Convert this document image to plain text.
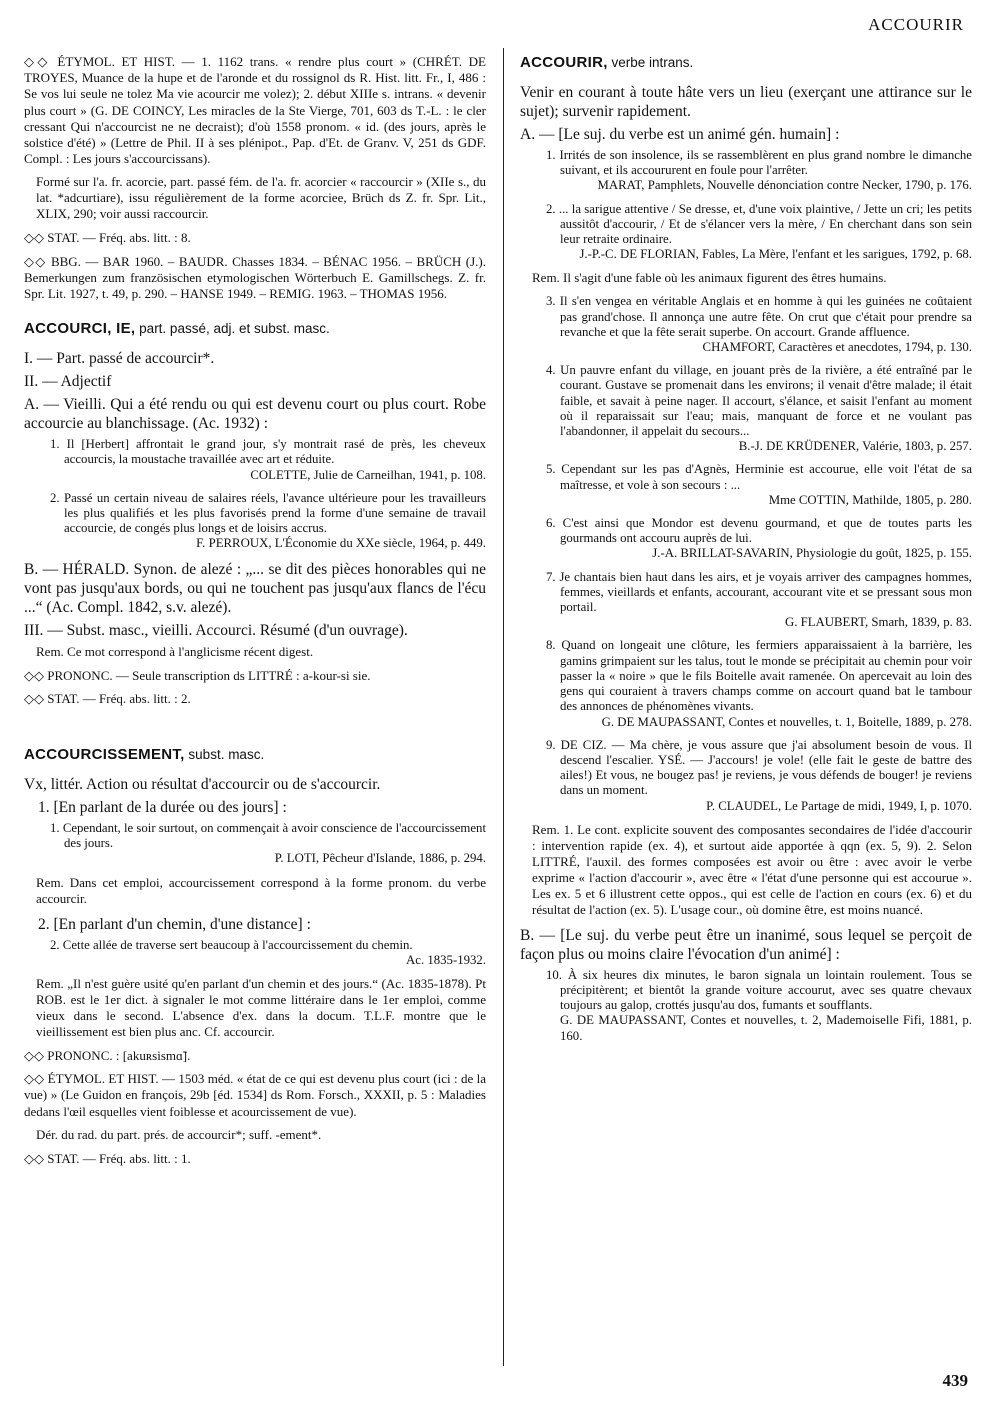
ACCOURIR

◇◇ ÉTYMOL. ET HIST. — 1. 1162 trans. « rendre plus court » (CHRÉT. DE TROYES, Muance de la hupe et de l'aronde et du rossignol ds R. Hist. litt. Fr., I, 486 : Se vos lui seule ne tolez Ma vie acourcir me volez); 2. début XIIIe s. intrans. « devenir plus court » (G. DE COINCY, Les miracles de la Ste Vierge, 701, 603 ds T.-L. : le cler cressant Qui n'accourcist ne ne decraist); d'où 1558 pronom. « id. (des jours, après le solstice d'été) » (Lettre de Phil. II à ses plénipot., Pap. d'Et. de Granv. V, 251 ds GDF. Compl. : Les jours s'accourcissans).

Formé sur l'a. fr. acorcie, part. passé fém. de l'a. fr. acorcier « raccourcir » (XIIe s., du lat. *adcurtiare), issu régulièrement de la forme acorciee, Brüch ds Z. fr. Spr. Lit., XLIX, 290; voir aussi raccourcir.

◇◇ STAT. — Fréq. abs. litt. : 8.

◇◇ BBG. — BAR 1960. – BAUDR. Chasses 1834. – BÉNAC 1956. – BRÜCH (J.). Bemerkungen zum französischen etymologischen Wörterbuch E. Gamillschegs. Z. fr. Spr. Lit. 1927, t. 49, p. 290. – HANSE 1949. – REMIG. 1963. – THOMAS 1956.

ACCOURCI, IE, part. passé, adj. et subst. masc.

I. — Part. passé de accourcir*.

II. — Adjectif

A. — Vieilli. Qui a été rendu ou qui est devenu court ou plus court. Robe accourcie au blanchissage. (Ac. 1932) :

1. Il [Herbert] affrontait le grand jour, s'y montrait rasé de près, les cheveux accourcis, la moustache travaillée avec art et réduite.
COLETTE, Julie de Carneilhan, 1941, p. 108.

2. Passé un certain niveau de salaires réels, l'avance ultérieure pour les travailleurs les plus qualifiés et les plus favorisés prend la forme d'une semaine de travail accourcie, de congés plus longs et de loisirs accrus.
F. PERROUX, L'Économie du XXe siècle, 1964, p. 449.

B. — HÉRALD. Synon. de alezé : „... se dit des pièces honorables qui ne vont pas jusqu'aux bords, ou qui ne touchent pas jusqu'aux flancs de l'écu ...“ (Ac. Compl. 1842, s.v. alezé).

III. — Subst. masc., vieilli. Accourci. Résumé (d'un ouvrage).

Rem. Ce mot correspond à l'anglicisme récent digest.

◇◇ PRONONC. — Seule transcription ds LITTRÉ : a-kour-si sie.

◇◇ STAT. — Fréq. abs. litt. : 2.

ACCOURCISSEMENT, subst. masc.

Vx, littér. Action ou résultat d'accourcir ou de s'accourcir.

1. [En parlant de la durée ou des jours] :

1. Cependant, le soir surtout, on commençait à avoir conscience de l'accourcissement des jours.
P. LOTI, Pêcheur d'Islande, 1886, p. 294.

Rem. Dans cet emploi, accourcissement correspond à la forme pronom. du verbe accourcir.

2. [En parlant d'un chemin, d'une distance] :

2. Cette allée de traverse sert beaucoup à l'accourcissement du chemin.
Ac. 1835-1932.

Rem. „Il n'est guère usité qu'en parlant d'un chemin et des jours.“ (Ac. 1835-1878). Pt ROB. est le 1er dict. à signaler le mot comme littéraire dans le 1er emploi, comme vieux dans le second. L'absence d'ex. dans la docum. T.L.F. montre que le vieillissement est bien plus anc. Cf. accourcir.

◇◇ PRONONC. : [akuʀsismɑ̃].

◇◇ ÉTYMOL. ET HIST. — 1503 méd. « état de ce qui est devenu plus court (ici : de la vue) » (Le Guidon en françois, 29b [éd. 1534] ds Rom. Forsch., XXXII, p. 5 : Maladies dedans l'œil esquelles vient foiblesse et acourcissement de vue).

Dér. du rad. du part. prés. de accourcir*; suff. -ement*.

◇◇ STAT. — Fréq. abs. litt. : 1.

ACCOURIR, verbe intrans.

Venir en courant à toute hâte vers un lieu (exerçant une attirance sur le sujet); survenir rapidement.

A. — [Le suj. du verbe est un animé gén. humain] :

1. Irrités de son insolence, ils se rassemblèrent en plus grand nombre le dimanche suivant, et ils accoururent en foule pour l'arrêter.
MARAT, Pamphlets, Nouvelle dénonciation contre Necker, 1790, p. 176.

2. ... la sarigue attentive / Se dresse, et, d'une voix plaintive, / Jette un cri; les petits aussitôt d'accourir, / Et de s'élancer vers la mère, / En cherchant dans son sein leur retraite ordinaire.
J.-P.-C. DE FLORIAN, Fables, La Mère, l'enfant et les sarigues, 1792, p. 68.

Rem. Il s'agit d'une fable où les animaux figurent des êtres humains.

3. Il s'en vengea en véritable Anglais et en homme à qui les guinées ne coûtaient pas grand'chose. Il annonça une autre fête. On crut que c'était pour prendre sa revanche et que la fête serait superbe. On accourt. Grande affluence.
CHAMFORT, Caractères et anecdotes, 1794, p. 130.

4. Un pauvre enfant du village, en jouant près de la rivière, a été entraîné par le courant. Gustave se promenait dans les environs; il venait d'être malade; il était faible, et savait à peine nager. Il accourt, s'élance, et saisit l'enfant au moment où il reparaissait sur l'eau; mais, manquant de force et ne voulant pas l'abandonner, il appelait du secours...
B.-J. DE KRÜDENER, Valérie, 1803, p. 257.

5. Cependant sur les pas d'Agnès, Herminie est accourue, elle voit l'état de sa maîtresse, et vole à son secours : ...
Mme COTTIN, Mathilde, 1805, p. 280.

6. C'est ainsi que Mondor est devenu gourmand, et que de toutes parts les gourmands ont accouru auprès de lui.
J.-A. BRILLAT-SAVARIN, Physiologie du goût, 1825, p. 155.

7. Je chantais bien haut dans les airs, et je voyais arriver des campagnes hommes, femmes, vieillards et enfants, accourant, accourant vite et se pressant sous mon portail.
G. FLAUBERT, Smarh, 1839, p. 83.

8. Quand on longeait une clôture, les fermiers apparaissaient à la barrière, les gamins grimpaient sur les talus, tout le monde se précipitait au chemin pour voir passer la « noire » que le fils Boitelle avait ramenée. On apercevait au loin des gens qui couraient à travers champs comme on accourt quand bat le tambour des annonces de phénomènes vivants.
G. DE MAUPASSANT, Contes et nouvelles, t. 1, Boitelle, 1889, p. 278.

9. DE CIZ. — Ma chère, je vous assure que j'ai absolument besoin de vous. Il descend l'escalier. YSÉ. — J'accours! je vole! (elle fait le geste de battre des ailes!) Et vous, ne bougez pas! je reviens, je vous défends de bouger! je reviens dans un moment.
P. CLAUDEL, Le Partage de midi, 1949, I, p. 1070.

Rem. 1. Le cont. explicite souvent des composantes secondaires de l'idée d'accourir : intervention rapide (ex. 4), et surtout aide apportée à qqn (ex. 5, 9). 2. Selon LITTRÉ, l'auxil. des formes composées est avoir ou être : avec avoir le verbe exprime « l'action d'accourir », avec être « l'état d'une personne qui est accourue ». Les ex. 5 et 6 illustrent cette oppos., qui est celle de l'action en cours (ex. 6) et du résultat de l'action (ex. 5). L'usage cour., où domine être, est moins nuancé.

B. — [Le suj. du verbe peut être un inanimé, sous lequel se perçoit de façon plus ou moins claire l'évocation d'un animé] :

10. À six heures dix minutes, le baron signala un lointain roulement. Tous se précipitèrent; et bientôt la grande voiture accourut, avec ses quatre chevaux toujours au galop, crottés jusqu'au dos, fumants et soufflants.
G. DE MAUPASSANT, Contes et nouvelles, t. 2, Mademoiselle Fifi, 1881, p. 160.

439
